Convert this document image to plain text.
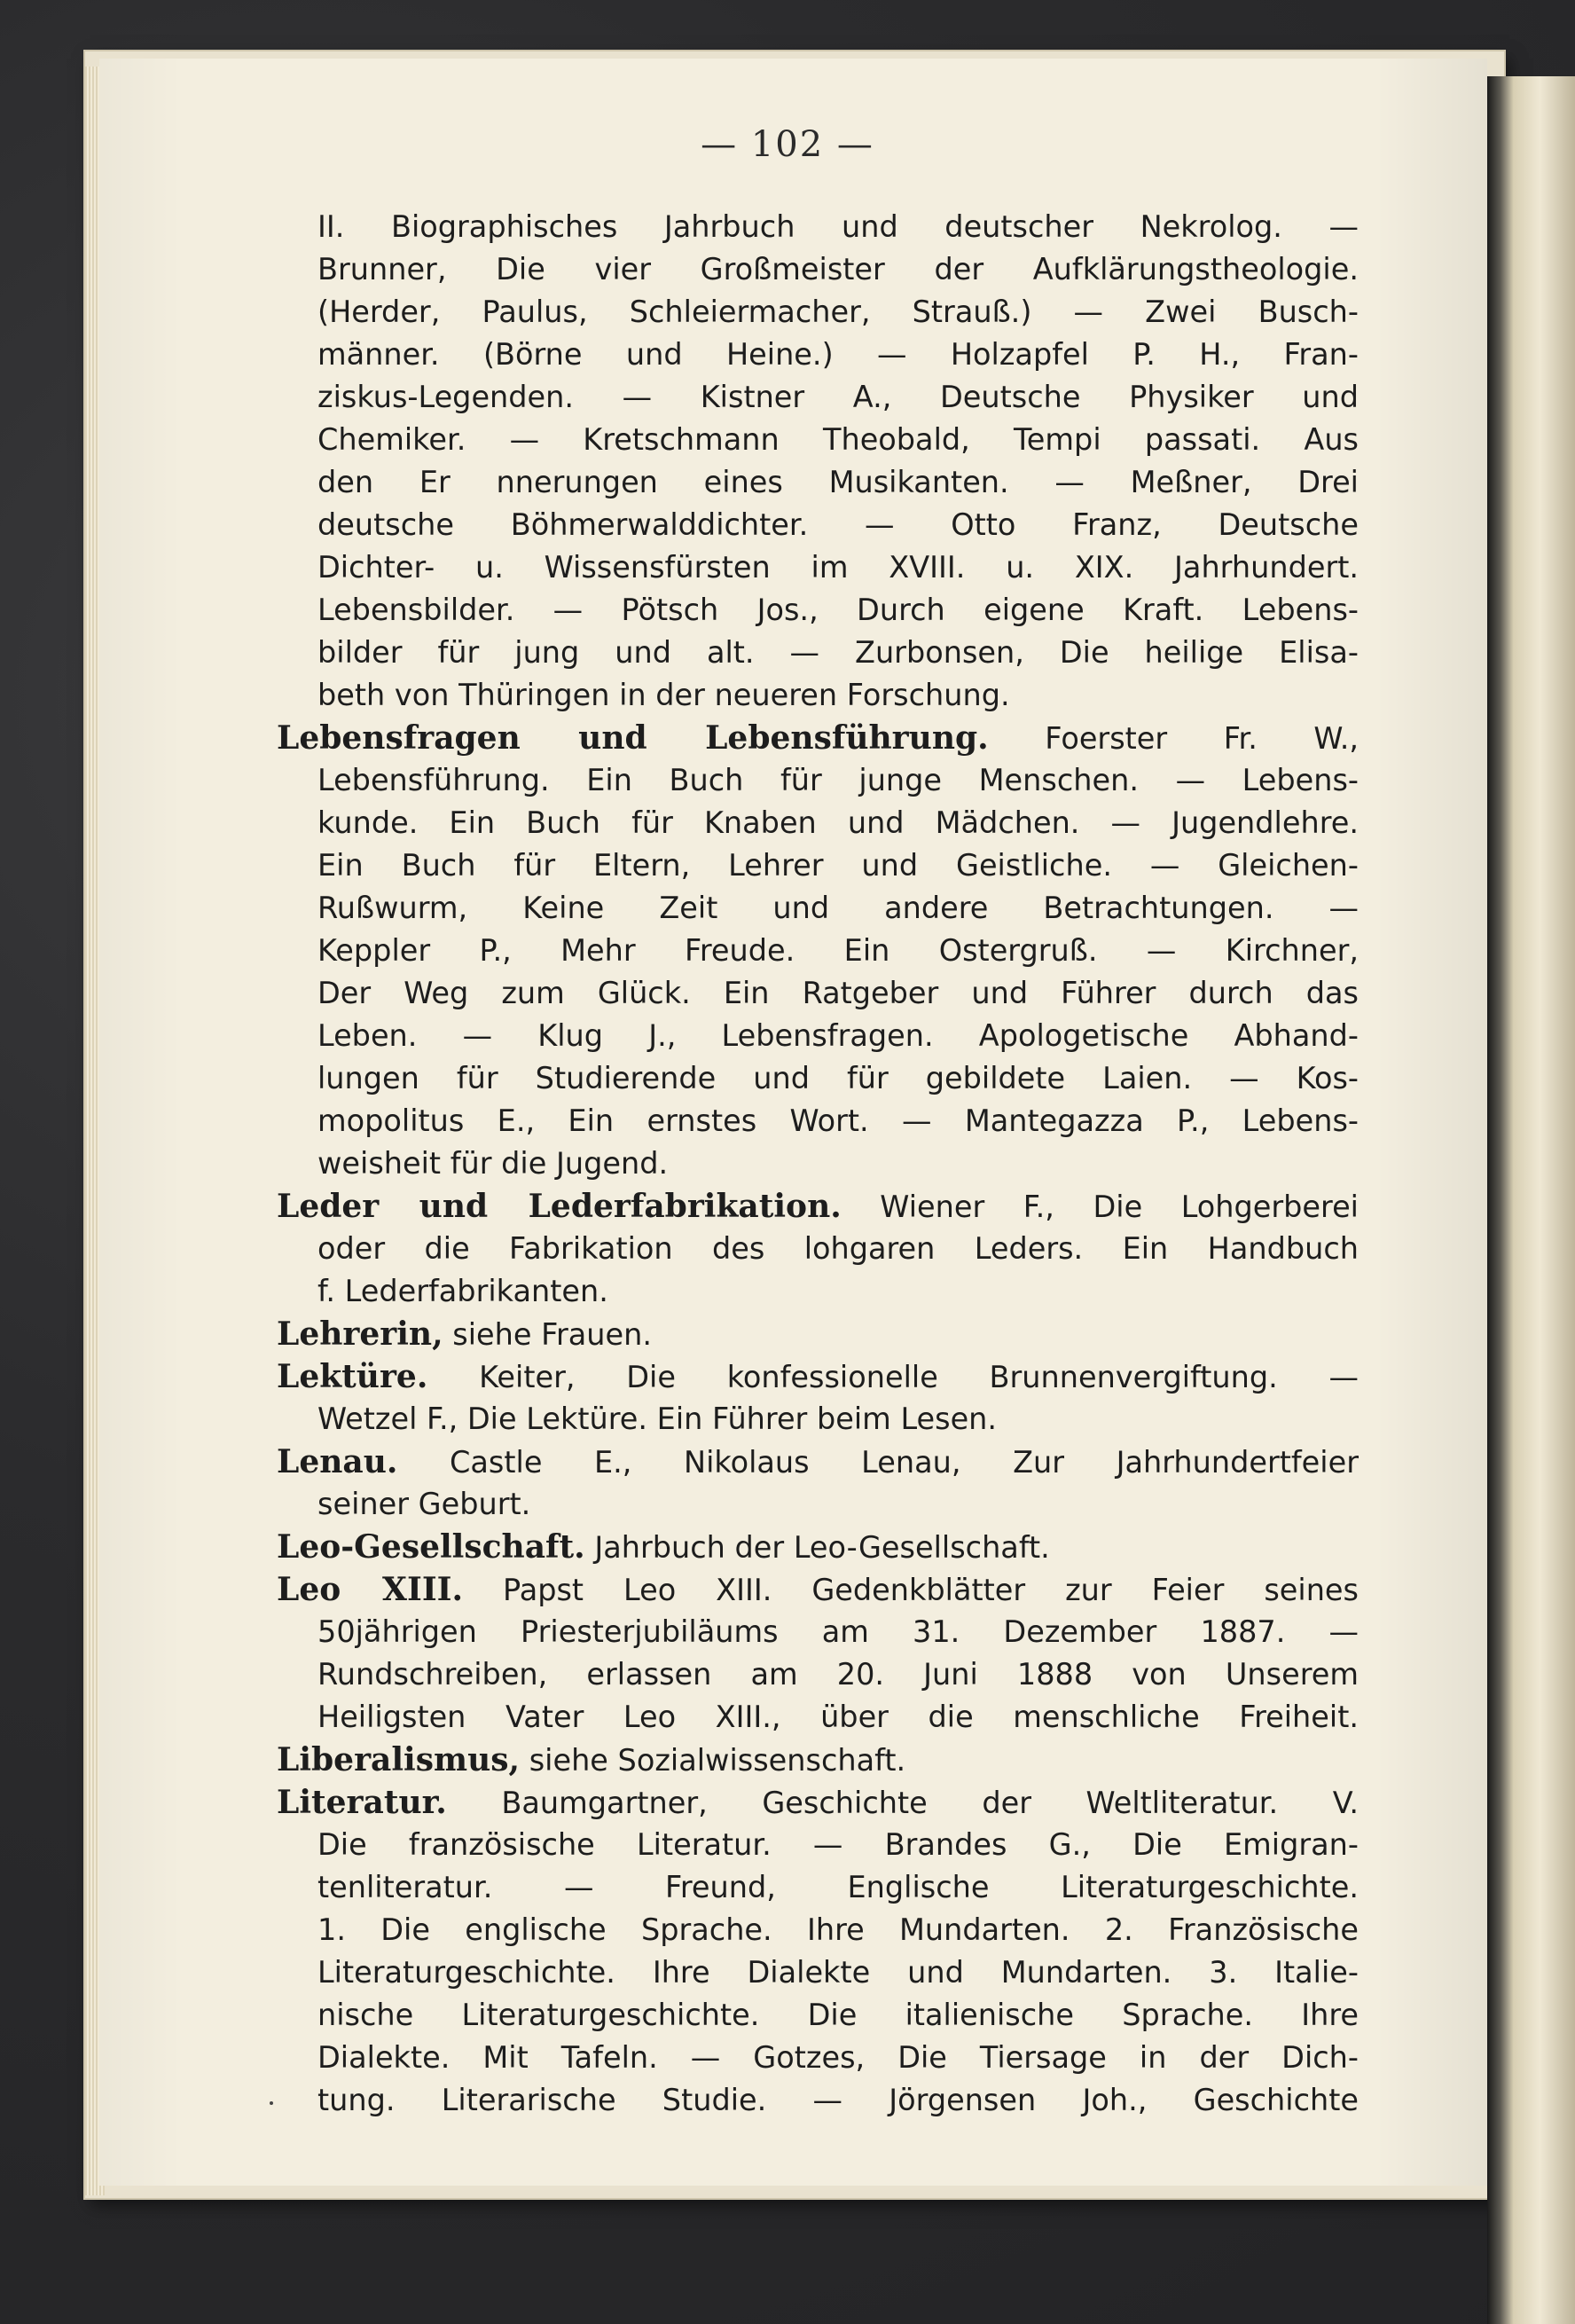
— 102 —
II. Biographisches Jahrbuch und deutscher Nekrolog. —
Brunner, Die vier Großmeister der Aufklärungstheologie.
(Herder, Paulus, Schleiermacher, Strauß.) — Zwei Busch-
männer. (Börne und Heine.) — Holzapfel P. H., Fran-
ziskus-Legenden. — Kistner A., Deutsche Physiker und
Chemiker. — Kretschmann Theobald, Tempi passati. Aus
den Er nnerungen eines Musikanten. — Meßner, Drei
deutsche Böhmerwalddichter. — Otto Franz, Deutsche
Dichter- u. Wissensfürsten im XVIII. u. XIX. Jahrhundert.
Lebensbilder. — Pötsch Jos., Durch eigene Kraft. Lebens-
bilder für jung und alt. — Zurbonsen, Die heilige Elisa-
beth von Thüringen in der neueren Forschung.
Lebensfragen und Lebensführung. Foerster Fr. W.,
Lebensführung. Ein Buch für junge Menschen. — Lebens-
kunde. Ein Buch für Knaben und Mädchen. — Jugendlehre.
Ein Buch für Eltern, Lehrer und Geistliche. — Gleichen-
Rußwurm, Keine Zeit und andere Betrachtungen. —
Keppler P., Mehr Freude. Ein Ostergruß. — Kirchner,
Der Weg zum Glück. Ein Ratgeber und Führer durch das
Leben. — Klug J., Lebensfragen. Apologetische Abhand-
lungen für Studierende und für gebildete Laien. — Kos-
mopolitus E., Ein ernstes Wort. — Mantegazza P., Lebens-
weisheit für die Jugend.
Leder und Lederfabrikation. Wiener F., Die Lohgerberei
oder die Fabrikation des lohgaren Leders. Ein Handbuch
f. Lederfabrikanten.
Lehrerin, siehe Frauen.
Lektüre. Keiter, Die konfessionelle Brunnenvergiftung. —
Wetzel F., Die Lektüre. Ein Führer beim Lesen.
Lenau. Castle E., Nikolaus Lenau, Zur Jahrhundertfeier
seiner Geburt.
Leo-Gesellschaft. Jahrbuch der Leo-Gesellschaft.
Leo XIII. Papst Leo XIII. Gedenkblätter zur Feier seines
50jährigen Priesterjubiläums am 31. Dezember 1887. —
Rundschreiben, erlassen am 20. Juni 1888 von Unserem
Heiligsten Vater Leo XIII., über die menschliche Freiheit.
Liberalismus, siehe Sozialwissenschaft.
Literatur. Baumgartner, Geschichte der Weltliteratur. V.
Die französische Literatur. — Brandes G., Die Emigran-
tenliteratur. — Freund, Englische Literaturgeschichte.
1. Die englische Sprache. Ihre Mundarten. 2. Französische
Literaturgeschichte. Ihre Dialekte und Mundarten. 3. Italie-
nische Literaturgeschichte. Die italienische Sprache. Ihre
Dialekte. Mit Tafeln. — Gotzes, Die Tiersage in der Dich-
tung. Literarische Studie. — Jörgensen Joh., Geschichte
